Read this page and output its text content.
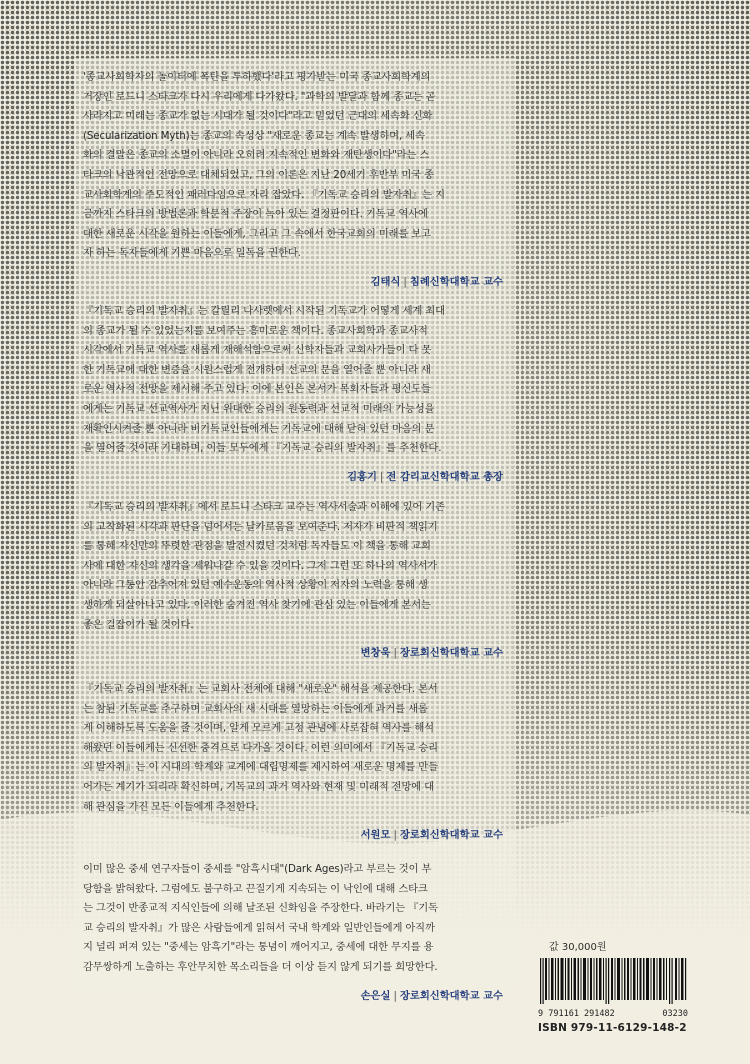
'종교사회학자의 놀이터에 폭탄을 투하했다'라고 평가받는 미국 종교사회학계의

거장인 로드니 스타크가 다시 우리에게 다가왔다. "과학의 발달과 함께 종교는 곧

사라지고 미래는 종교가 없는 시대가 될 것이다"라고 믿었던 근대의 세속화 신화

(Secularization Myth)는 종교의 속성상 "새로운 종교는 계속 발생하며, 세속

화의 결말은 종교의 소멸이 아니라 오히려 지속적인 변화와 재탄생이다"라는 스

타크의 낙관적인 전망으로 대체되었고, 그의 이론은 지난 20세기 후반부 미국 종

교사회학계의 주도적인 패러다임으로 자리 잡았다. 『기독교 승리의 발자취』는 지

금까지 스타크의 방법론과 학문적 주장이 녹아 있는 결정판이다. 기독교 역사에

대한 새로운 시각을 원하는 이들에게, 그리고 그 속에서 한국교회의 미래를 보고

자 하는 독자들에게 기쁜 마음으로 일독을 권한다.

김태식 | 침례신학대학교 교수

『기독교 승리의 발자취』는 갈릴리 나사렛에서 시작된 기독교가 어떻게 세계 최대

의 종교가 될 수 있었는지를 보여주는 흥미로운 책이다. 종교사회학과 종교사적

시각에서 기독교 역사를 새롭게 재해석함으로써 신학자들과 교회사가들이 다 못

한 기독교에 대한 변증을 시원스럽게 전개하여 선교의 문을 열어줄 뿐 아니라 새

로운 역사적 전망을 제시해 주고 있다. 이에 본인은 본서가 목회자들과 평신도들

에게는 기독교 선교역사가 지닌 위대한 승리의 원동력과 선교적 미래의 가능성을

재확인시켜줄 뿐 아니라 비기독교인들에게는 기독교에 대해 닫혀 있던 마음의 문

을 열어줄 것이라 기대하며, 이들 모두에게 『기독교 승리의 발자취』를 추천한다.

김홍기 | 전 감리교신학대학교 총장

『기독교 승리의 발자취』에서 로드니 스타크 교수는 역사서술과 이해에 있어 기존

의 고착화된 시각과 판단을 넘어서는 날카로움을 보여준다. 저자가 비판적 책읽기

를 통해 자신만의 뚜렷한 관점을 발전시켰던 것처럼 독자들도 이 책을 통해 교회

사에 대한 자신의 생각을 세워나갈 수 있을 것이다. 그저 그런 또 하나의 역사서가

아니라 그동안 감추어져 있던 예수운동의 역사적 상황이 저자의 노력을 통해 생

생하게 되살아나고 있다. 이러한 숨겨진 역사 찾기에 관심 있는 이들에게 본서는

좋은 길잡이가 될 것이다.

변창욱 | 장로회신학대학교 교수

『기독교 승리의 발자취』는 교회사 전체에 대해 "새로운" 해석을 제공한다. 본서

는 참된 기독교를 추구하며 교회사의 새 시대를 열망하는 이들에게 과거를 새롭

게 이해하도록 도움을 줄 것이며, 알게 모르게 고정 관념에 사로잡혀 역사를 해석

해왔던 이들에게는 신선한 충격으로 다가올 것이다. 이런 의미에서 『기독교 승리

의 발자취』는 이 시대의 학계와 교계에 대립명제를 제시하여 새로운 명제를 만들

어가는 계기가 되리라 확신하며, 기독교의 과거 역사와 현재 및 미래적 전망에 대

해 관심을 가진 모든 이들에게 추천한다.

서원모 | 장로회신학대학교 교수

이미 많은 중세 연구자들이 중세를 "암흑시대"(Dark Ages)라고 부르는 것이 부

당함을 밝혀왔다. 그럼에도 불구하고 끈질기게 지속되는 이 낙인에 대해 스타크

는 그것이 반종교적 지식인들에 의해 날조된 신화임을 주장한다. 바라기는 『기독

교 승리의 발자취』가 많은 사람들에게 읽혀서 국내 학계와 일반인들에게 아직까

지 널리 퍼져 있는 "중세는 암흑기"라는 통념이 깨어지고, 중세에 대한 무지를 용

감무쌍하게 노출하는 후안무치한 목소리들을 더 이상 듣지 않게 되기를 희망한다.

손은실 | 장로회신학대학교 교수
값 30,000원
9 791161 291482	03230
ISBN 979-11-6129-148-2
